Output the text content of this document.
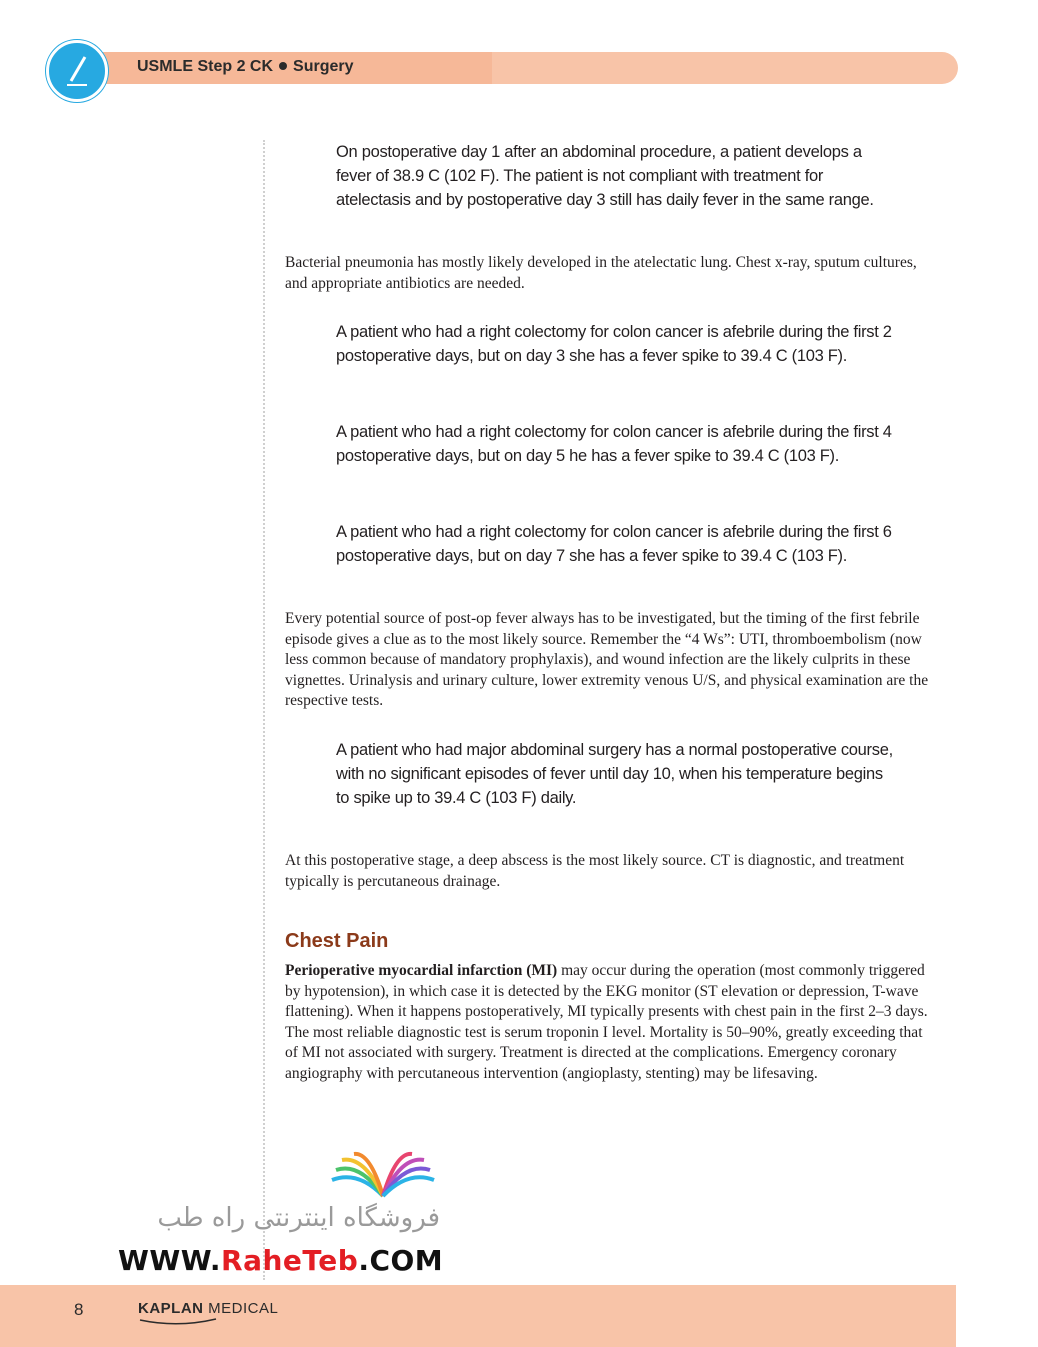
USMLE Step 2 CK Surgery
On postoperative day 1 after an abdominal procedure, a patient develops a fever of 38.9 C (102 F). The patient is not compliant with treatment for atelectasis and by postoperative day 3 still has daily fever in the same range.
Bacterial pneumonia has mostly likely developed in the atelectatic lung. Chest x-ray, sputum cultures, and appropriate antibiotics are needed.
A patient who had a right colectomy for colon cancer is afebrile during the first 2 postoperative days, but on day 3 she has a fever spike to 39.4 C (103 F).
A patient who had a right colectomy for colon cancer is afebrile during the first 4 postoperative days, but on day 5 he has a fever spike to 39.4 C (103 F).
A patient who had a right colectomy for colon cancer is afebrile during the first 6 postoperative days, but on day 7 she has a fever spike to 39.4 C (103 F).
Every potential source of post-op fever always has to be investigated, but the timing of the first febrile episode gives a clue as to the most likely source. Remember the “4 Ws”: UTI, thromboembolism (now less common because of mandatory prophylaxis), and wound infection are the likely culprits in these vignettes. Urinalysis and urinary culture, lower extremity venous U/S, and physical examination are the respective tests.
A patient who had major abdominal surgery has a normal postoperative course, with no significant episodes of fever until day 10, when his temperature begins to spike up to 39.4 C (103 F) daily.
At this postoperative stage, a deep abscess is the most likely source. CT is diagnostic, and treatment typically is percutaneous drainage.
Chest Pain
Perioperative myocardial infarction (MI) may occur during the operation (most commonly triggered by hypotension), in which case it is detected by the EKG monitor (ST elevation or depression, T-wave flattening). When it happens postoperatively, MI typically presents with chest pain in the first 2–3 days. The most reliable diagnostic test is serum troponin I level. Mortality is 50–90%, greatly exceeding that of MI not associated with surgery. Treatment is directed at the complications. Emergency coronary angiography with percutaneous intervention (angioplasty, stenting) may be lifesaving.
فروشگاه اینترنتی راه طب
WWW.RaheTeb.COM
8	KAPLAN MEDICAL
